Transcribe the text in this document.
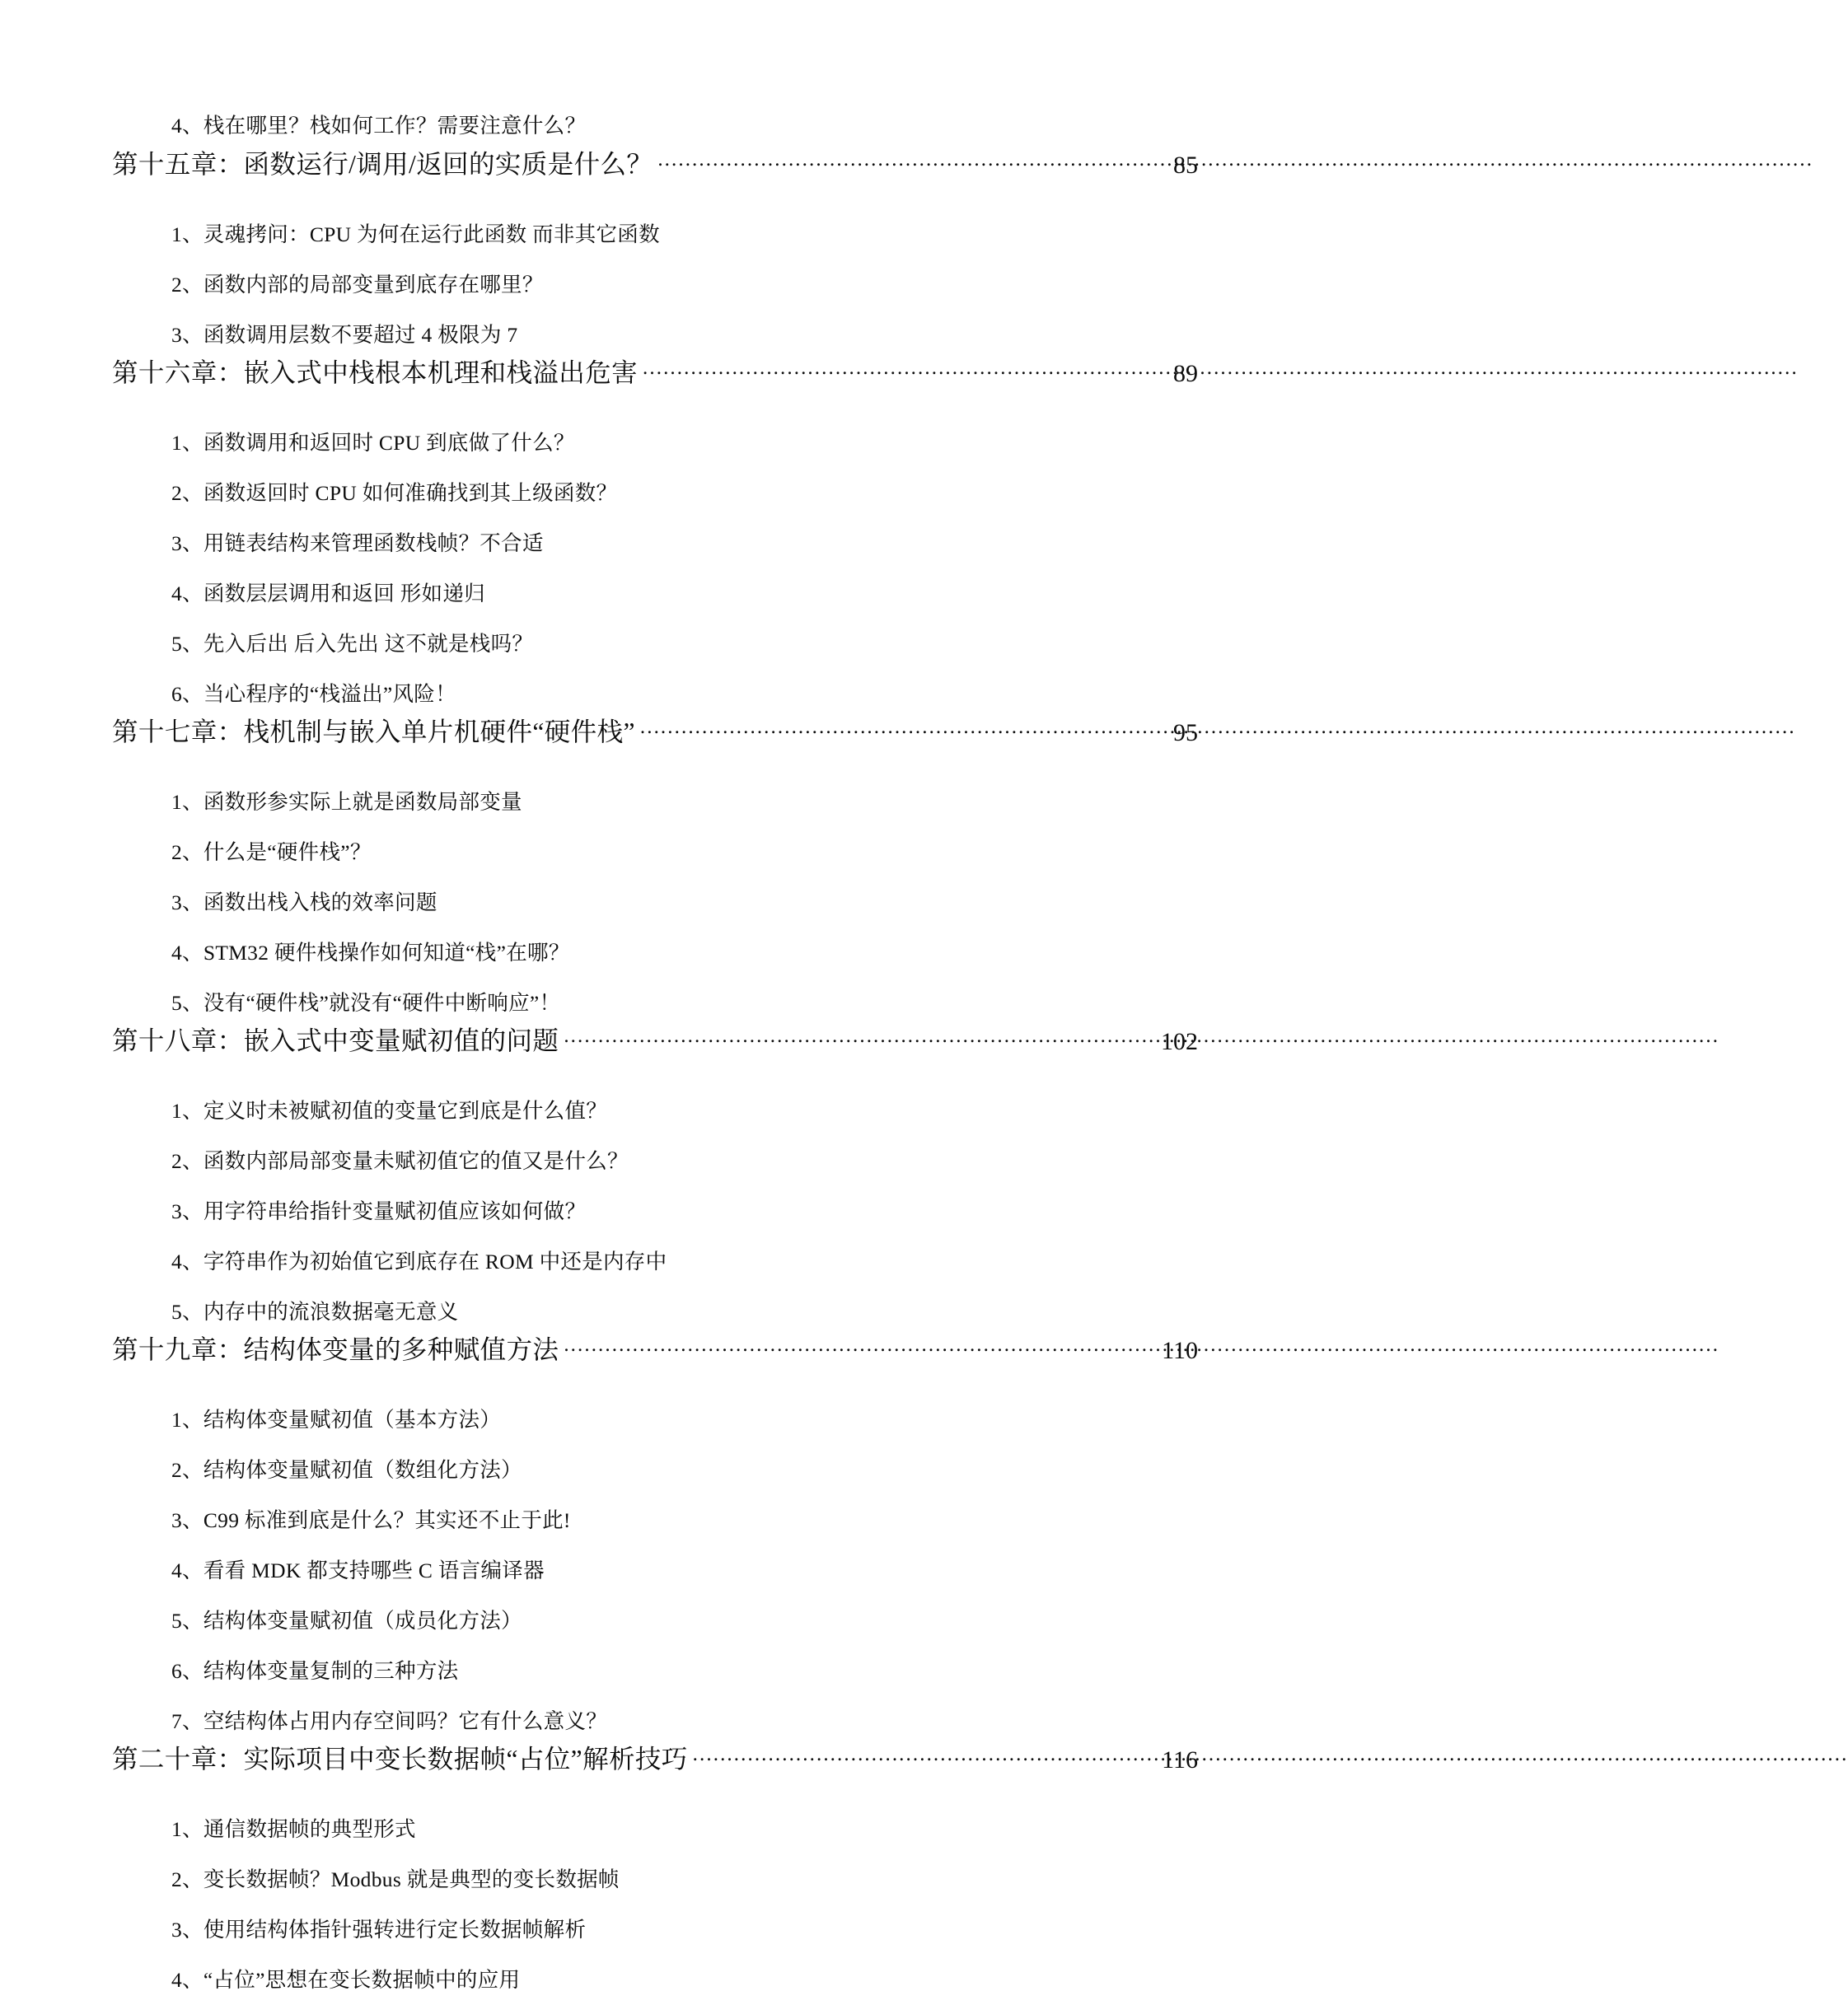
4、栈在哪里？栈如何工作？需要注意什么？
第十五章：函数运行/调用/返回的实质是什么？ .....	85
1、灵魂拷问：CPU 为何在运行此函数 而非其它函数
2、函数内部的局部变量到底存在哪里？
3、函数调用层数不要超过 4 极限为 7
第十六章：嵌入式中栈根本机理和栈溢出危害 .....	89
1、函数调用和返回时 CPU 到底做了什么？
2、函数返回时 CPU 如何准确找到其上级函数？
3、用链表结构来管理函数栈帧？不合适
4、函数层层调用和返回 形如递归
5、先入后出 后入先出 这不就是栈吗？
6、当心程序的“栈溢出”风险！
第十七章：栈机制与嵌入单片机硬件“硬件栈” .....	95
1、函数形参实际上就是函数局部变量
2、什么是“硬件栈”？
3、函数出栈入栈的效率问题
4、STM32 硬件栈操作如何知道“栈”在哪？
5、没有“硬件栈”就没有“硬件中断响应”！
第十八章：嵌入式中变量赋初值的问题 .....	102
1、定义时未被赋初值的变量它到底是什么值？
2、函数内部局部变量未赋初值它的值又是什么？
3、用字符串给指针变量赋初值应该如何做？
4、字符串作为初始值它到底存在 ROM 中还是内存中
5、内存中的流浪数据毫无意义
第十九章：结构体变量的多种赋值方法 .....	110
1、结构体变量赋初值（基本方法）
2、结构体变量赋初值（数组化方法）
3、C99 标准到底是什么？其实还不止于此!
4、看看 MDK 都支持哪些 C 语言编译器
5、结构体变量赋初值（成员化方法）
6、结构体变量复制的三种方法
7、空结构体占用内存空间吗？它有什么意义？
第二十章：实际项目中变长数据帧“占位”解析技巧 .....	116
1、通信数据帧的典型形式
2、变长数据帧？Modbus 就是典型的变长数据帧
3、使用结构体指针强转进行定长数据帧解析
4、“占位”思想在变长数据帧中的应用
